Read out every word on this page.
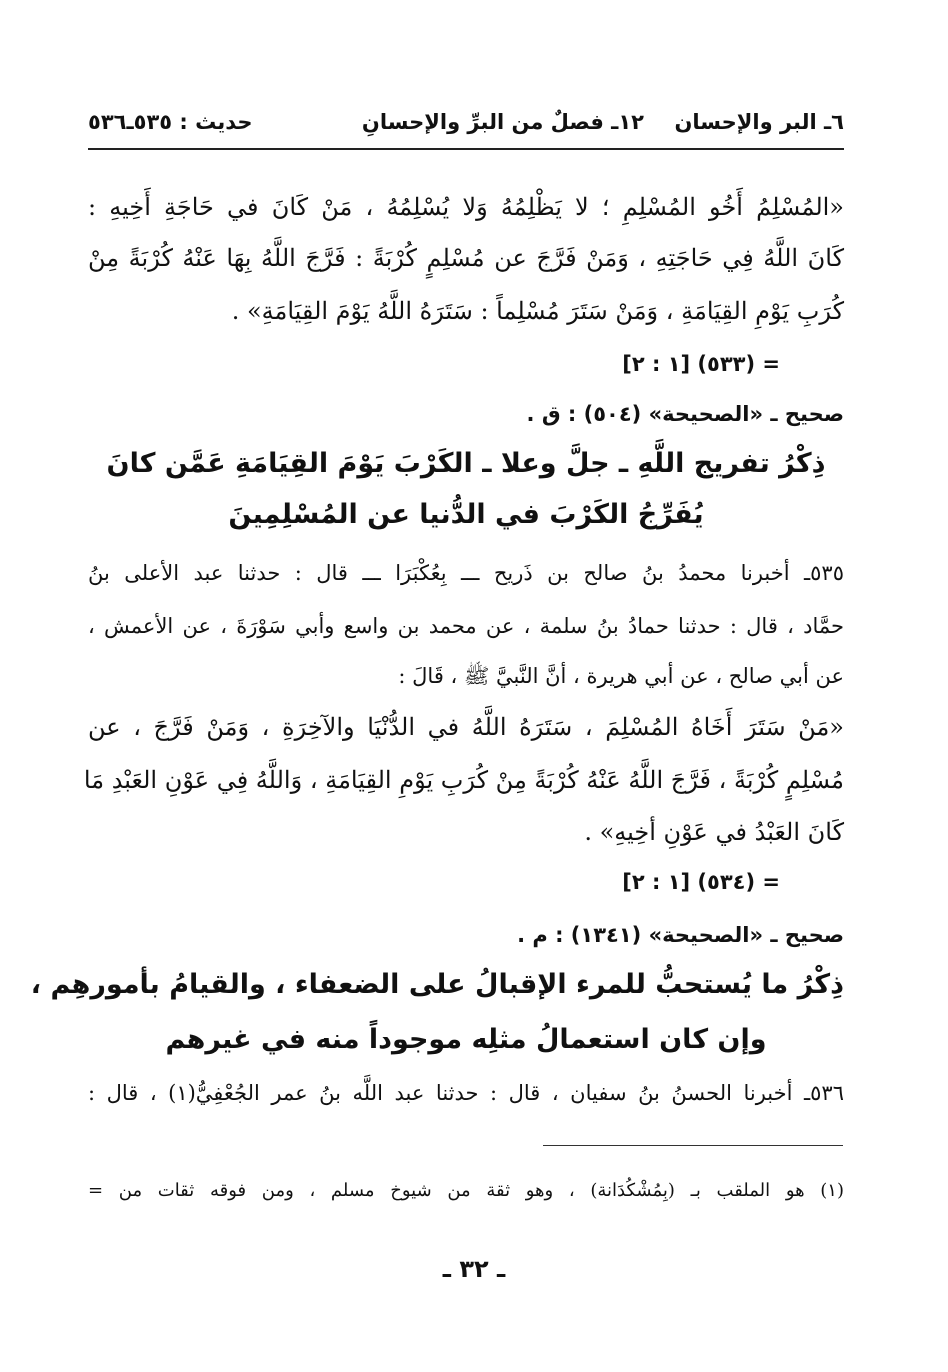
٦ـ البر والإحسان
١٢ـ فصلٌ من البرِّ والإحسانِ
حديث : ٥٣٥ـ٥٣٦
«المُسْلِمُ أَخُو المُسْلِمِ ؛ لا يَظْلِمُهُ وَلا يُسْلِمُهُ ، مَنْ كَانَ في حَاجَةِ أَخِيهِ :
كَانَ اللَّهُ فِي حَاجَتِهِ ، وَمَنْ فَرَّجَ عن مُسْلِمٍ كُرْبَةً : فَرَّجَ اللَّهُ بِهَا عَنْهُ كُرْبَةً مِنْ
كُرَبِ يَوْمِ القِيَامَةِ ، وَمَنْ سَتَرَ مُسْلِماً : سَتَرَهُ اللَّهُ يَوْمَ القِيَامَةِ» .
= (٥٣٣) [١ : ٢]
صحيح ـ «الصحيحة» (٥٠٤) : ق .
ذِكْرُ تفريج اللَّهِ ـ جلَّ وعلا ـ الكَرْبَ يَوْمَ القِيَامَةِ عَمَّن كانَ
يُفَرِّجُ الكَرْبَ في الدُّنيا عن المُسْلِمِينَ
٥٣٥ـ أخبرنا محمدُ بنُ صالح بن ذَريح ـــ بِعُكْبَرَا ـــ قال : حدثنا عبد الأعلى بنُ
حمَّاد ، قال : حدثنا حمادُ بنُ سلمة ، عن محمد بن واسع وأبي سَوْرَةَ ، عن الأعمش ،
عن أبي صالح ، عن أبي هريرة ، أنَّ النَّبيَّ ﷺ ، قَالَ :
«مَنْ سَتَرَ أَخَاهُ المُسْلِمَ ، سَتَرَهُ اللَّهُ في الدُّنْيَا والآخِرَةِ ، وَمَنْ فَرَّجَ ، عن
مُسْلِمٍ كُرْبَةً ، فَرَّجَ اللَّهُ عَنْهُ كُرْبَةً مِنْ كُرَبِ يَوْمِ القِيَامَةِ ، وَاللَّهُ فِي عَوْنِ العَبْدِ مَا
كَانَ العَبْدُ في عَوْنِ أخِيهِ» .
= (٥٣٤) [١ : ٢]
صحيح ـ «الصحيحة» (١٣٤١) : م .
ذِكْرُ ما يُستحبُّ للمرء الإقبالُ على الضعفاء ، والقيامُ بأمورهِم ،
وإن كان استعمالُ مثلِه موجوداً منه في غيرهم
٥٣٦ـ أخبرنا الحسنُ بنُ سفيان ، قال : حدثنا عبد اللَّه بنُ عمر الجُعْفِيُّ(١) ، قال :
(١) هو الملقب بـ (بِمُشْكُدَانة) ، وهو ثقة من شيوخ مسلم ، ومن فوقه ثقات من =
ـ ٣٢ ـ
